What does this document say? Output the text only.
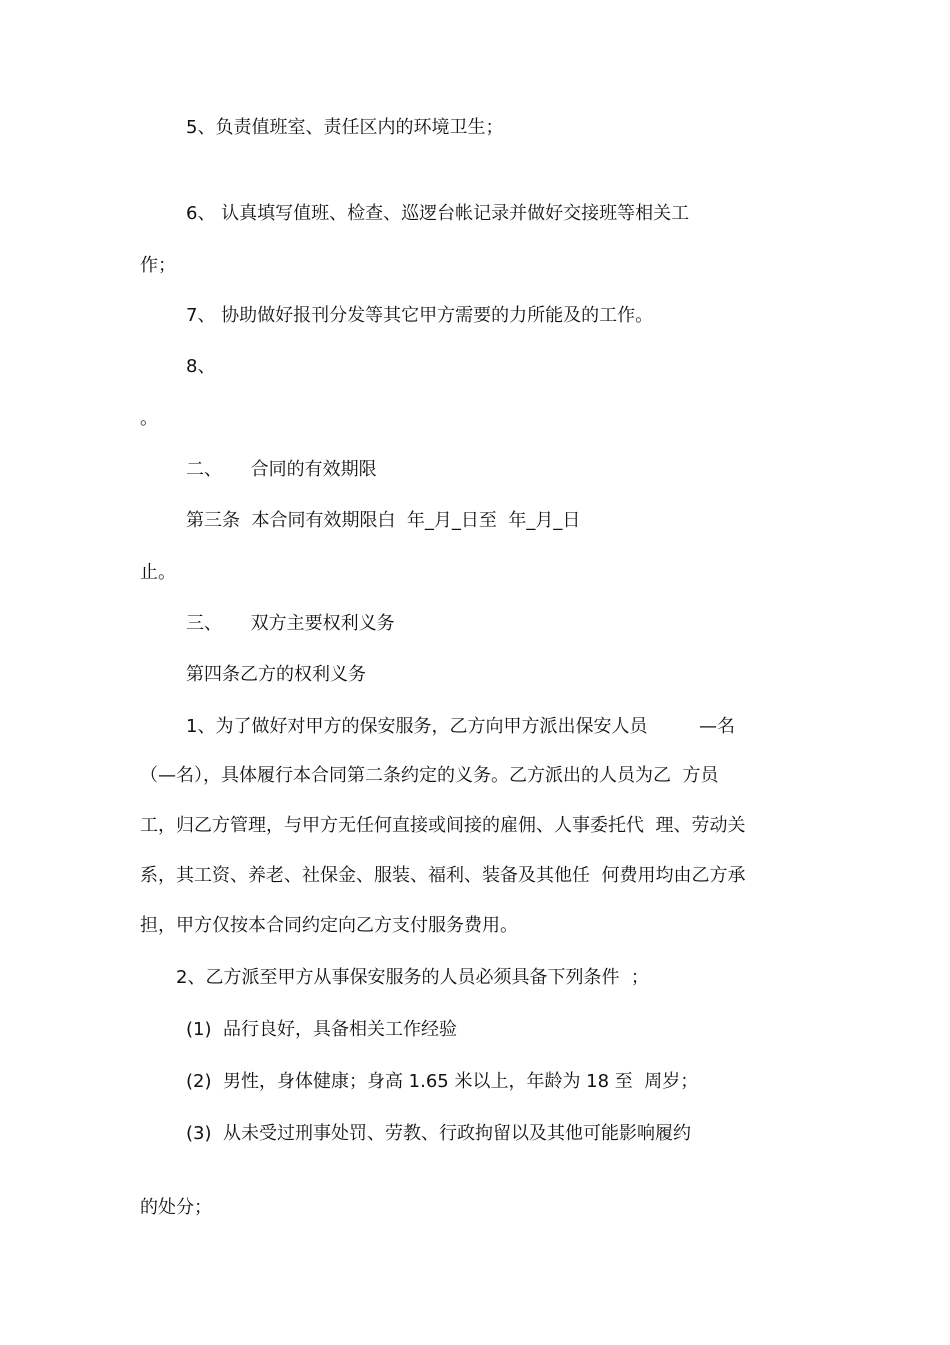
5、负责值班室、责任区内的环境卫生；

6、 认真填写值班、检查、巡逻台帐记录并做好交接班等相关工

作；

7、 协助做好报刊分发等其它甲方需要的力所能及的工作。

8、

。

二、     合同的有效期限

第三条  本合同有效期限白  年_月_日至  年_月_日

止。

三、     双方主要权利义务

第四条乙方的权利义务

1、为了做好对甲方的保安服务，乙方向甲方派出保安人员         —名

（—名），具体履行本合同第二条约定的义务。乙方派出的人员为乙  方员

工，归乙方管理，与甲方无任何直接或间接的雇佣、人事委托代  理、劳动关

系，其工资、养老、社保金、服装、福利、装备及其他任  何费用均由乙方承

担，甲方仅按本合同约定向乙方支付服务费用。

2、乙方派至甲方从事保安服务的人员必须具备下列条件  ；

(1)  品行良好，具备相关工作经验

(2)  男性，身体健康；身高 1.65 米以上，年龄为 18 至  周岁；

(3)  从未受过刑事处罚、劳教、行政拘留以及其他可能影响履约

的处分；
